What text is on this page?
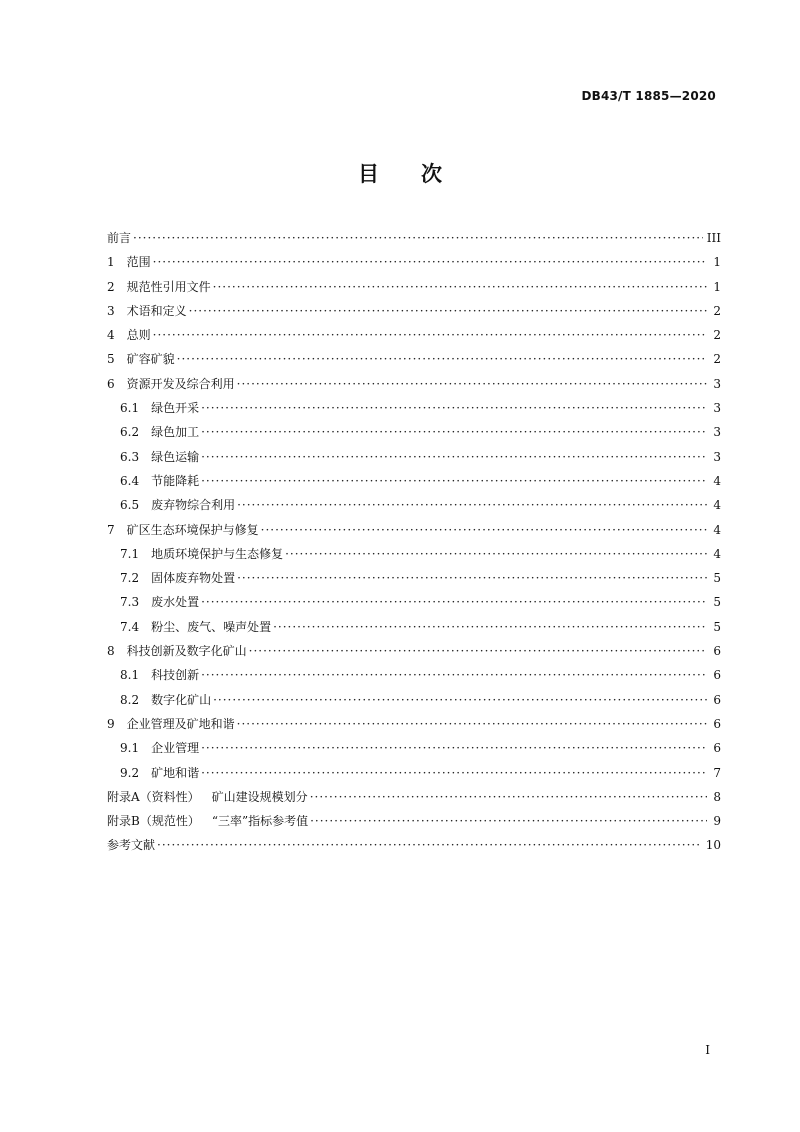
DB43/T 1885—2020
目 次
前言 ·····	III
1 范围 ·····	1
2 规范性引用文件 ·····	1
3 术语和定义 ·····	2
4 总则 ·····	2
5 矿容矿貌 ·····	2
6 资源开发及综合利用 ·····	3
6.1 绿色开采 ·····	3
6.2 绿色加工 ·····	3
6.3 绿色运输 ·····	3
6.4 节能降耗 ·····	4
6.5 废弃物综合利用 ·····	4
7 矿区生态环境保护与修复 ·····	4
7.1 地质环境保护与生态修复 ·····	4
7.2 固体废弃物处置 ·····	5
7.3 废水处置 ·····	5
7.4 粉尘、废气、噪声处置 ·····	5
8 科技创新及数字化矿山 ·····	6
8.1 科技创新 ·····	6
8.2 数字化矿山 ·····	6
9 企业管理及矿地和谐 ·····	6
9.1 企业管理 ·····	6
9.2 矿地和谐 ·····	7
附录A（资料性） 矿山建设规模划分 ·····	8
附录B（规范性） “三率”指标参考值 ·····	9
参考文献 ·····	10
I
